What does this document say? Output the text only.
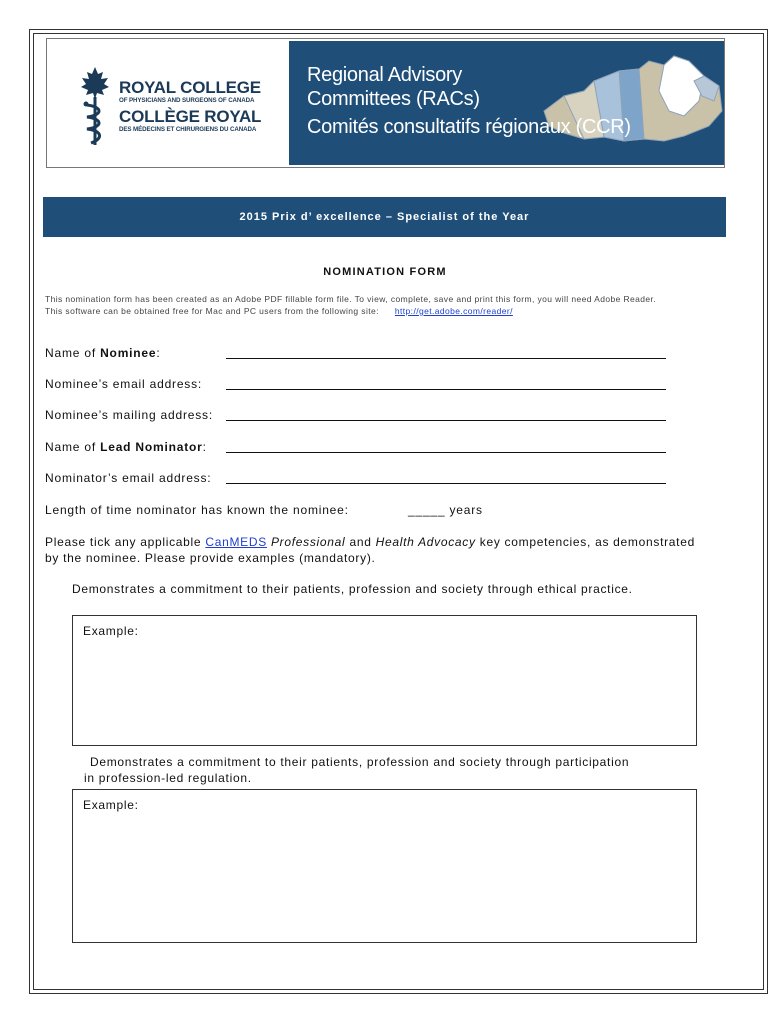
ROYAL COLLEGE
OF PHYSICIANS AND SURGEONS OF CANADA
COLLÈGE ROYAL
DES MÉDECINS ET CHIRURGIENS DU CANADA
Regional Advisory
Committees (RACs)
Comités consultatifs régionaux (CCR)
2015 Prix d’ excellence – Specialist of the Year
NOMINATION FORM
This nomination form has been created as an Adobe PDF fillable form file. To view, complete, save and print this form, you will need Adobe Reader.
This software can be obtained free for Mac and PC users from the following site: http://get.adobe.com/reader/
Name of Nominee:
Nominee’s email address:
Nominee’s mailing address:
Name of Lead Nominator:
Nominator’s email address:
Length of time nominator has known the nominee:	_____ years
Please tick any applicable CanMEDS Professional and Health Advocacy key competencies, as demonstrated
by the nominee. Please provide examples (mandatory).
Demonstrates a commitment to their patients, profession and society through ethical practice.
Example:
Demonstrates a commitment to their patients, profession and society through participation
in profession-led regulation.
Example:
